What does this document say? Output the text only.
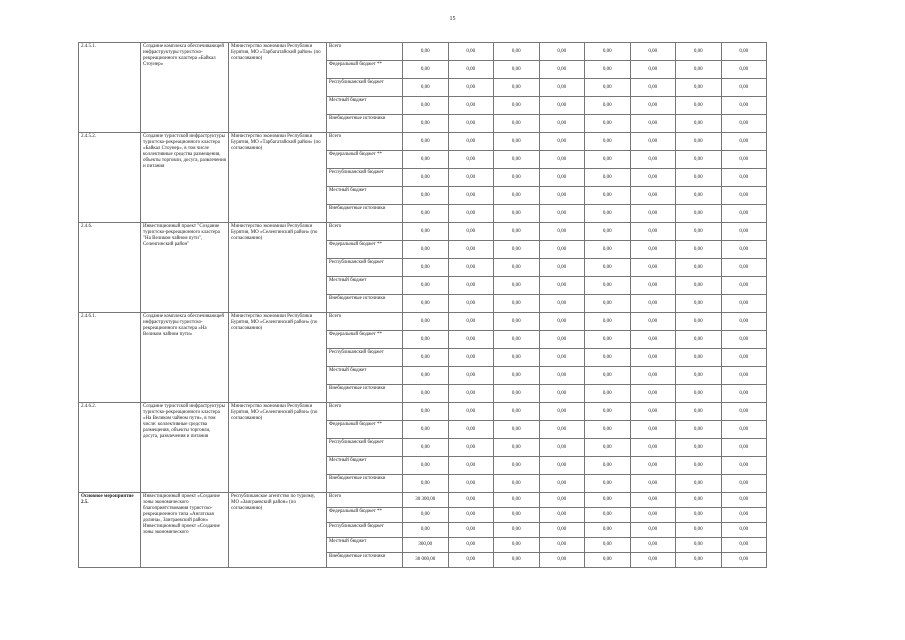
15
2.4.5.1.	Создание комплекса обеспечивающей инфраструктуры туристско-рекреационного кластера «Байкал Стоунер»	Министерство экономики Республики Бурятия, МО «Тарбагатайский район» (по согласованию)	Всего	0,00	0,00	0,00	0,00	0,00	0,00	0,00	0,00
			Федеральный бюджет **	0,00	0,00	0,00	0,00	0,00	0,00	0,00	0,00
			Республиканский бюджет	0,00	0,00	0,00	0,00	0,00	0,00	0,00	0,00
			Местный бюджет	0,00	0,00	0,00	0,00	0,00	0,00	0,00	0,00
			Внебюджетные источники	0,00	0,00	0,00	0,00	0,00	0,00	0,00	0,00
2.4.5.2.	Создание туристской инфраструктуры туристско-рекреационного кластера «Байкал Стоунер», в том числе коллективные средства размещения, объекты торговли, досуга, развлечения и питания	Министерство экономики Республики Бурятия, МО «Тарбагатайский район» (по согласованию)	Всего	0,00	0,00	0,00	0,00	0,00	0,00	0,00	0,00
			Федеральный бюджет **	0,00	0,00	0,00	0,00	0,00	0,00	0,00	0,00
			Республиканский бюджет	0,00	0,00	0,00	0,00	0,00	0,00	0,00	0,00
			Местный бюджет	0,00	0,00	0,00	0,00	0,00	0,00	0,00	0,00
			Внебюджетные источники	0,00	0,00	0,00	0,00	0,00	0,00	0,00	0,00
2.4.6.	Инвестиционный проект "Создание туристско-рекреационного кластера "На Великом чайном пути", Селенгинский район"	Министерство экономики Республики Бурятия, МО «Селенгинский район» (по согласованию)	Всего	0,00	0,00	0,00	0,00	0,00	0,00	0,00	0,00
			Федеральный бюджет **	0,00	0,00	0,00	0,00	0,00	0,00	0,00	0,00
			Республиканский бюджет	0,00	0,00	0,00	0,00	0,00	0,00	0,00	0,00
			Местный бюджет	0,00	0,00	0,00	0,00	0,00	0,00	0,00	0,00
			Внебюджетные источники	0,00	0,00	0,00	0,00	0,00	0,00	0,00	0,00
2.4.6.1.	Создание комплекса обеспечивающей инфраструктуры туристско-рекреационного кластера «На Великом чайном пути»	Министерство экономики Республики Бурятия, МО «Селенгинский район» (по согласованию)	Всего	0,00	0,00	0,00	0,00	0,00	0,00	0,00	0,00
			Федеральный бюджет **	0,00	0,00	0,00	0,00	0,00	0,00	0,00	0,00
			Республиканский бюджет	0,00	0,00	0,00	0,00	0,00	0,00	0,00	0,00
			Местный бюджет	0,00	0,00	0,00	0,00	0,00	0,00	0,00	0,00
			Внебюджетные источники	0,00	0,00	0,00	0,00	0,00	0,00	0,00	0,00
2.4.6.2.	Создание туристской инфраструктуры туристско-рекреационного кластера «На Великом чайном пути», в том числе: коллективные средства размещения, объекты торговли, досуга, развлечения и питания	Министерство экономики Республики Бурятия, МО «Селенгинский район» (по согласованию)	Всего	0,00	0,00	0,00	0,00	0,00	0,00	0,00	0,00
			Федеральный бюджет **	0,00	0,00	0,00	0,00	0,00	0,00	0,00	0,00
			Республиканский бюджет	0,00	0,00	0,00	0,00	0,00	0,00	0,00	0,00
			Местный бюджет	0,00	0,00	0,00	0,00	0,00	0,00	0,00	0,00
			Внебюджетные источники	0,00	0,00	0,00	0,00	0,00	0,00	0,00	0,00
Основное мероприятие 2.5.	Инвестиционный проект «Создание зоны экономического благоприятствования туристско-рекреационного типа «Ангатская долина», Заиграевский район» Инвестиционный проект «Создание зоны экономического	Республиканское агентство по туризму, МО «Заиграевский район» (по согласованию)	Всего	30 300,00	0,00	0,00	0,00	0,00	0,00	0,00	0,00
			Федеральный бюджет **	0,00	0,00	0,00	0,00	0,00	0,00	0,00	0,00
			Республиканский бюджет	0,00	0,00	0,00	0,00	0,00	0,00	0,00	0,00
			Местный бюджет	300,00	0,00	0,00	0,00	0,00	0,00	0,00	0,00
			Внебюджетные источники	30 000,00	0,00	0,00	0,00	0,00	0,00	0,00	0,00
